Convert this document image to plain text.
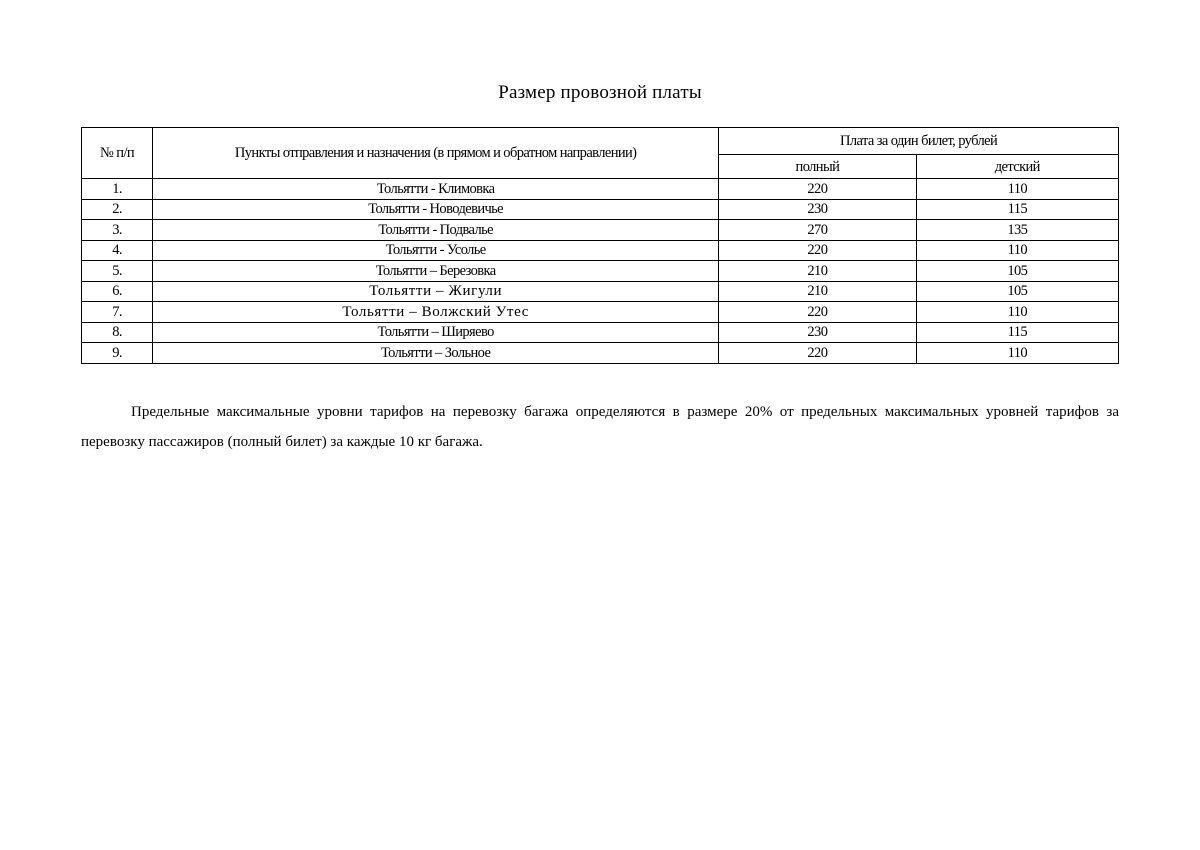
Размер провозной платы
№ п/п	Пункты отправления и назначения (в прямом и обратном направлении)	Плата за один билет, рублей	
		полный	детский
1.	Тольятти - Климовка	220	110
2.	Тольятти - Новодевичье	230	115
3.	Тольятти - Подвалье	270	135
4.	Тольятти - Усолье	220	110
5.	Тольятти – Березовка	210	105
6.	Тольятти – Жигули	210	105
7.	Тольятти – Волжский Утес	220	110
8.	Тольятти – Ширяево	230	115
9.	Тольятти – Зольное	220	110

Предельные максимальные уровни тарифов на перевозку багажа определяются в размере 20% от предельных максимальных уровней тарифов за перевозку пассажиров (полный билет) за каждые 10 кг багажа.
